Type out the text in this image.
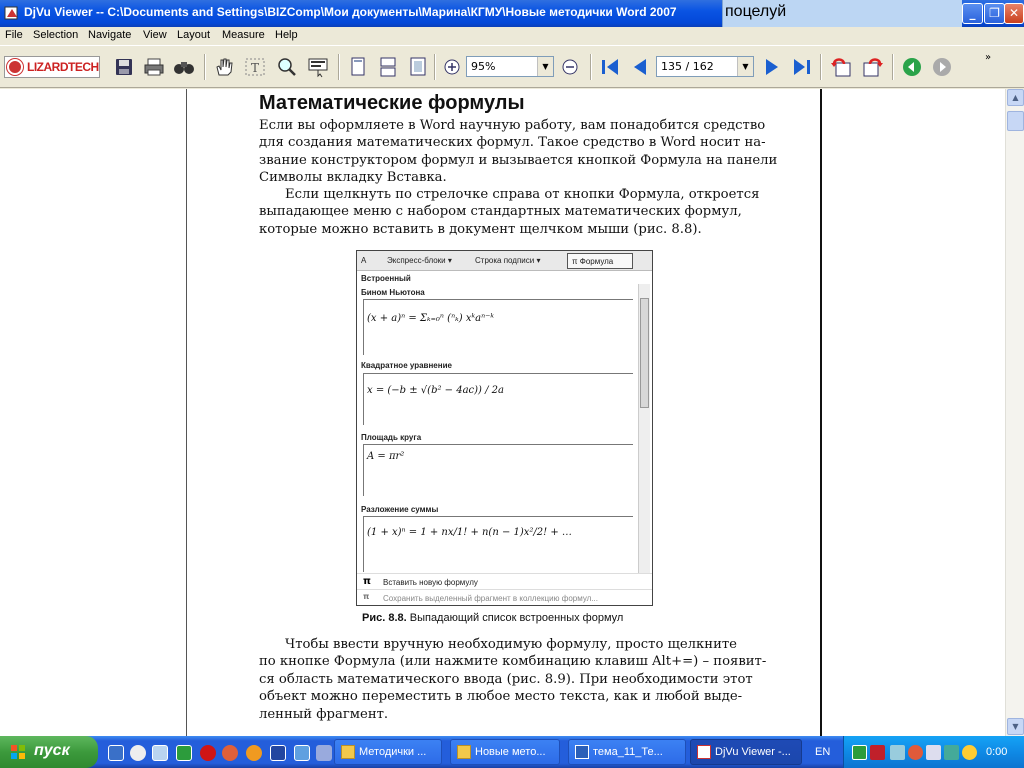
DjVu Viewer -- C:\Documents and Settings\BIZComp\Мои документы\Марина\КГМУ\Новые методички Word 2007	поцелуй	_	❐ ✕
File Selection Navigate View Layout Measure Help
LIZARDTECH	T	95%	▼	135 / 162	▼
»
Математические формулы
Если вы оформляете в Word научную работу, вам понадобится средство
для создания математических формул. Такое средство в Word носит на-
звание конструктором формул и вызывается кнопкой Формула на панели
Символы вкладку Вставка.
Если щелкнуть по стрелочке справа от кнопки Формула, откроется
выпадающее меню с набором стандартных математических формул,
которые можно вставить в документ щелчком мыши (рис. 8.8).
A	Экспресс-блоки ▾	Строка подписи ▾	π Формула
Встроенный
Бином Ньютона
(x + a)ⁿ = Σₖ₌₀ⁿ (ⁿₖ) xᵏaⁿ⁻ᵏ
Квадратное уравнение
x = (−b ± √(b² − 4ac)) / 2a
Площадь круга
A = πr²
Разложение суммы
(1 + x)ⁿ = 1 + nx/1! + n(n − 1)x²/2! + …
π Вставить новую формулу
π Сохранить выделенный фрагмент в коллекцию формул...
Рис. 8.8. Выпадающий список встроенных формул
Чтобы ввести вручную необходимую формулу, просто щелкните
по кнопке Формула (или нажмите комбинацию клавиш Alt+=) – появит-
ся область математического ввода (рис. 8.9). При необходимости этот
объект можно переместить в любое место текста, как и любой выде-
ленный фрагмент.
▲
▼
пуск	Методички ...	Новые мето...	тема_11_Те...	DjVu Viewer -...	EN	0:00
